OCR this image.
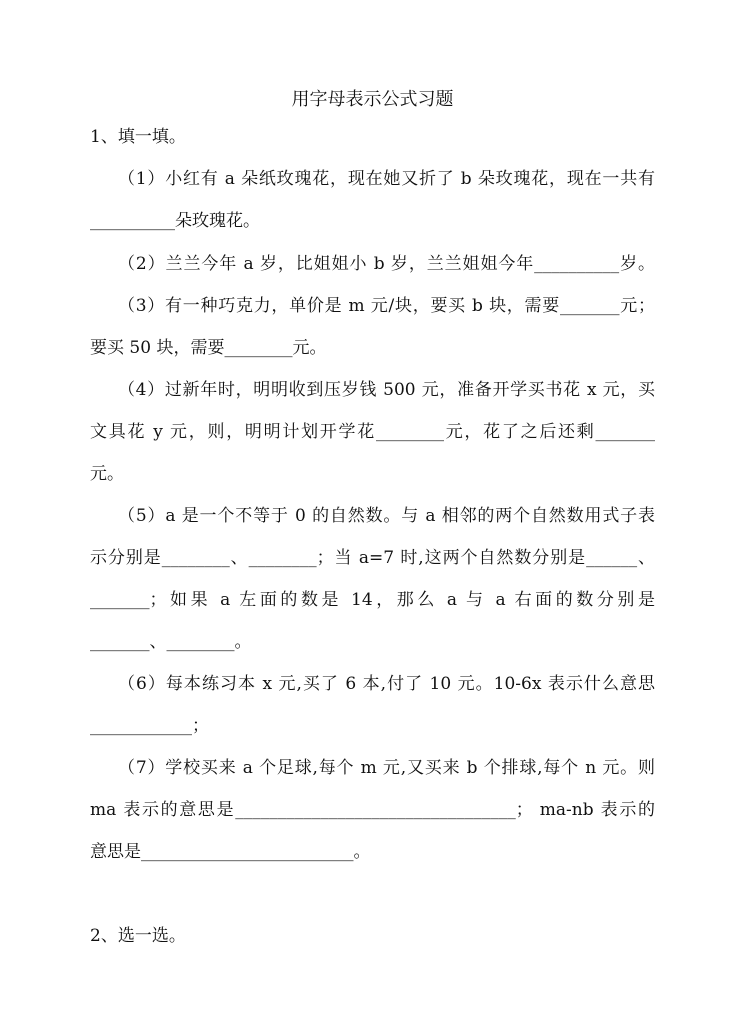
用字母表示公式习题
1、填一填。
（1）小红有 a 朵纸玫瑰花，现在她又折了 b 朵玫瑰花，现在一共有
__________朵玫瑰花。
（2）兰兰今年 a 岁，比姐姐小 b 岁，兰兰姐姐今年__________岁。
（3）有一种巧克力，单价是 m 元/块，要买 b 块，需要_______元；
要买 50 块，需要________元。
（4）过新年时，明明收到压岁钱 500 元，准备开学买书花 x 元，买
文具花 y 元，则，明明计划开学花________元，花了之后还剩_______
元。
（5）a 是一个不等于 0 的自然数。与 a 相邻的两个自然数用式子表
示分别是________、________；当 a=7 时,这两个自然数分别是______、
_______；如果 a 左面的数是 14，那么 a 与 a 右面的数分别是
_______、________。
（6）每本练习本 x 元,买了 6 本,付了 10 元。10-6x 表示什么意思
____________；
（7）学校买来 a 个足球,每个 m 元,又买来 b 个排球,每个 n 元。则
ma 表示的意思是_________________________________； ma-nb 表示的
意思是_________________________。
2、选一选。
